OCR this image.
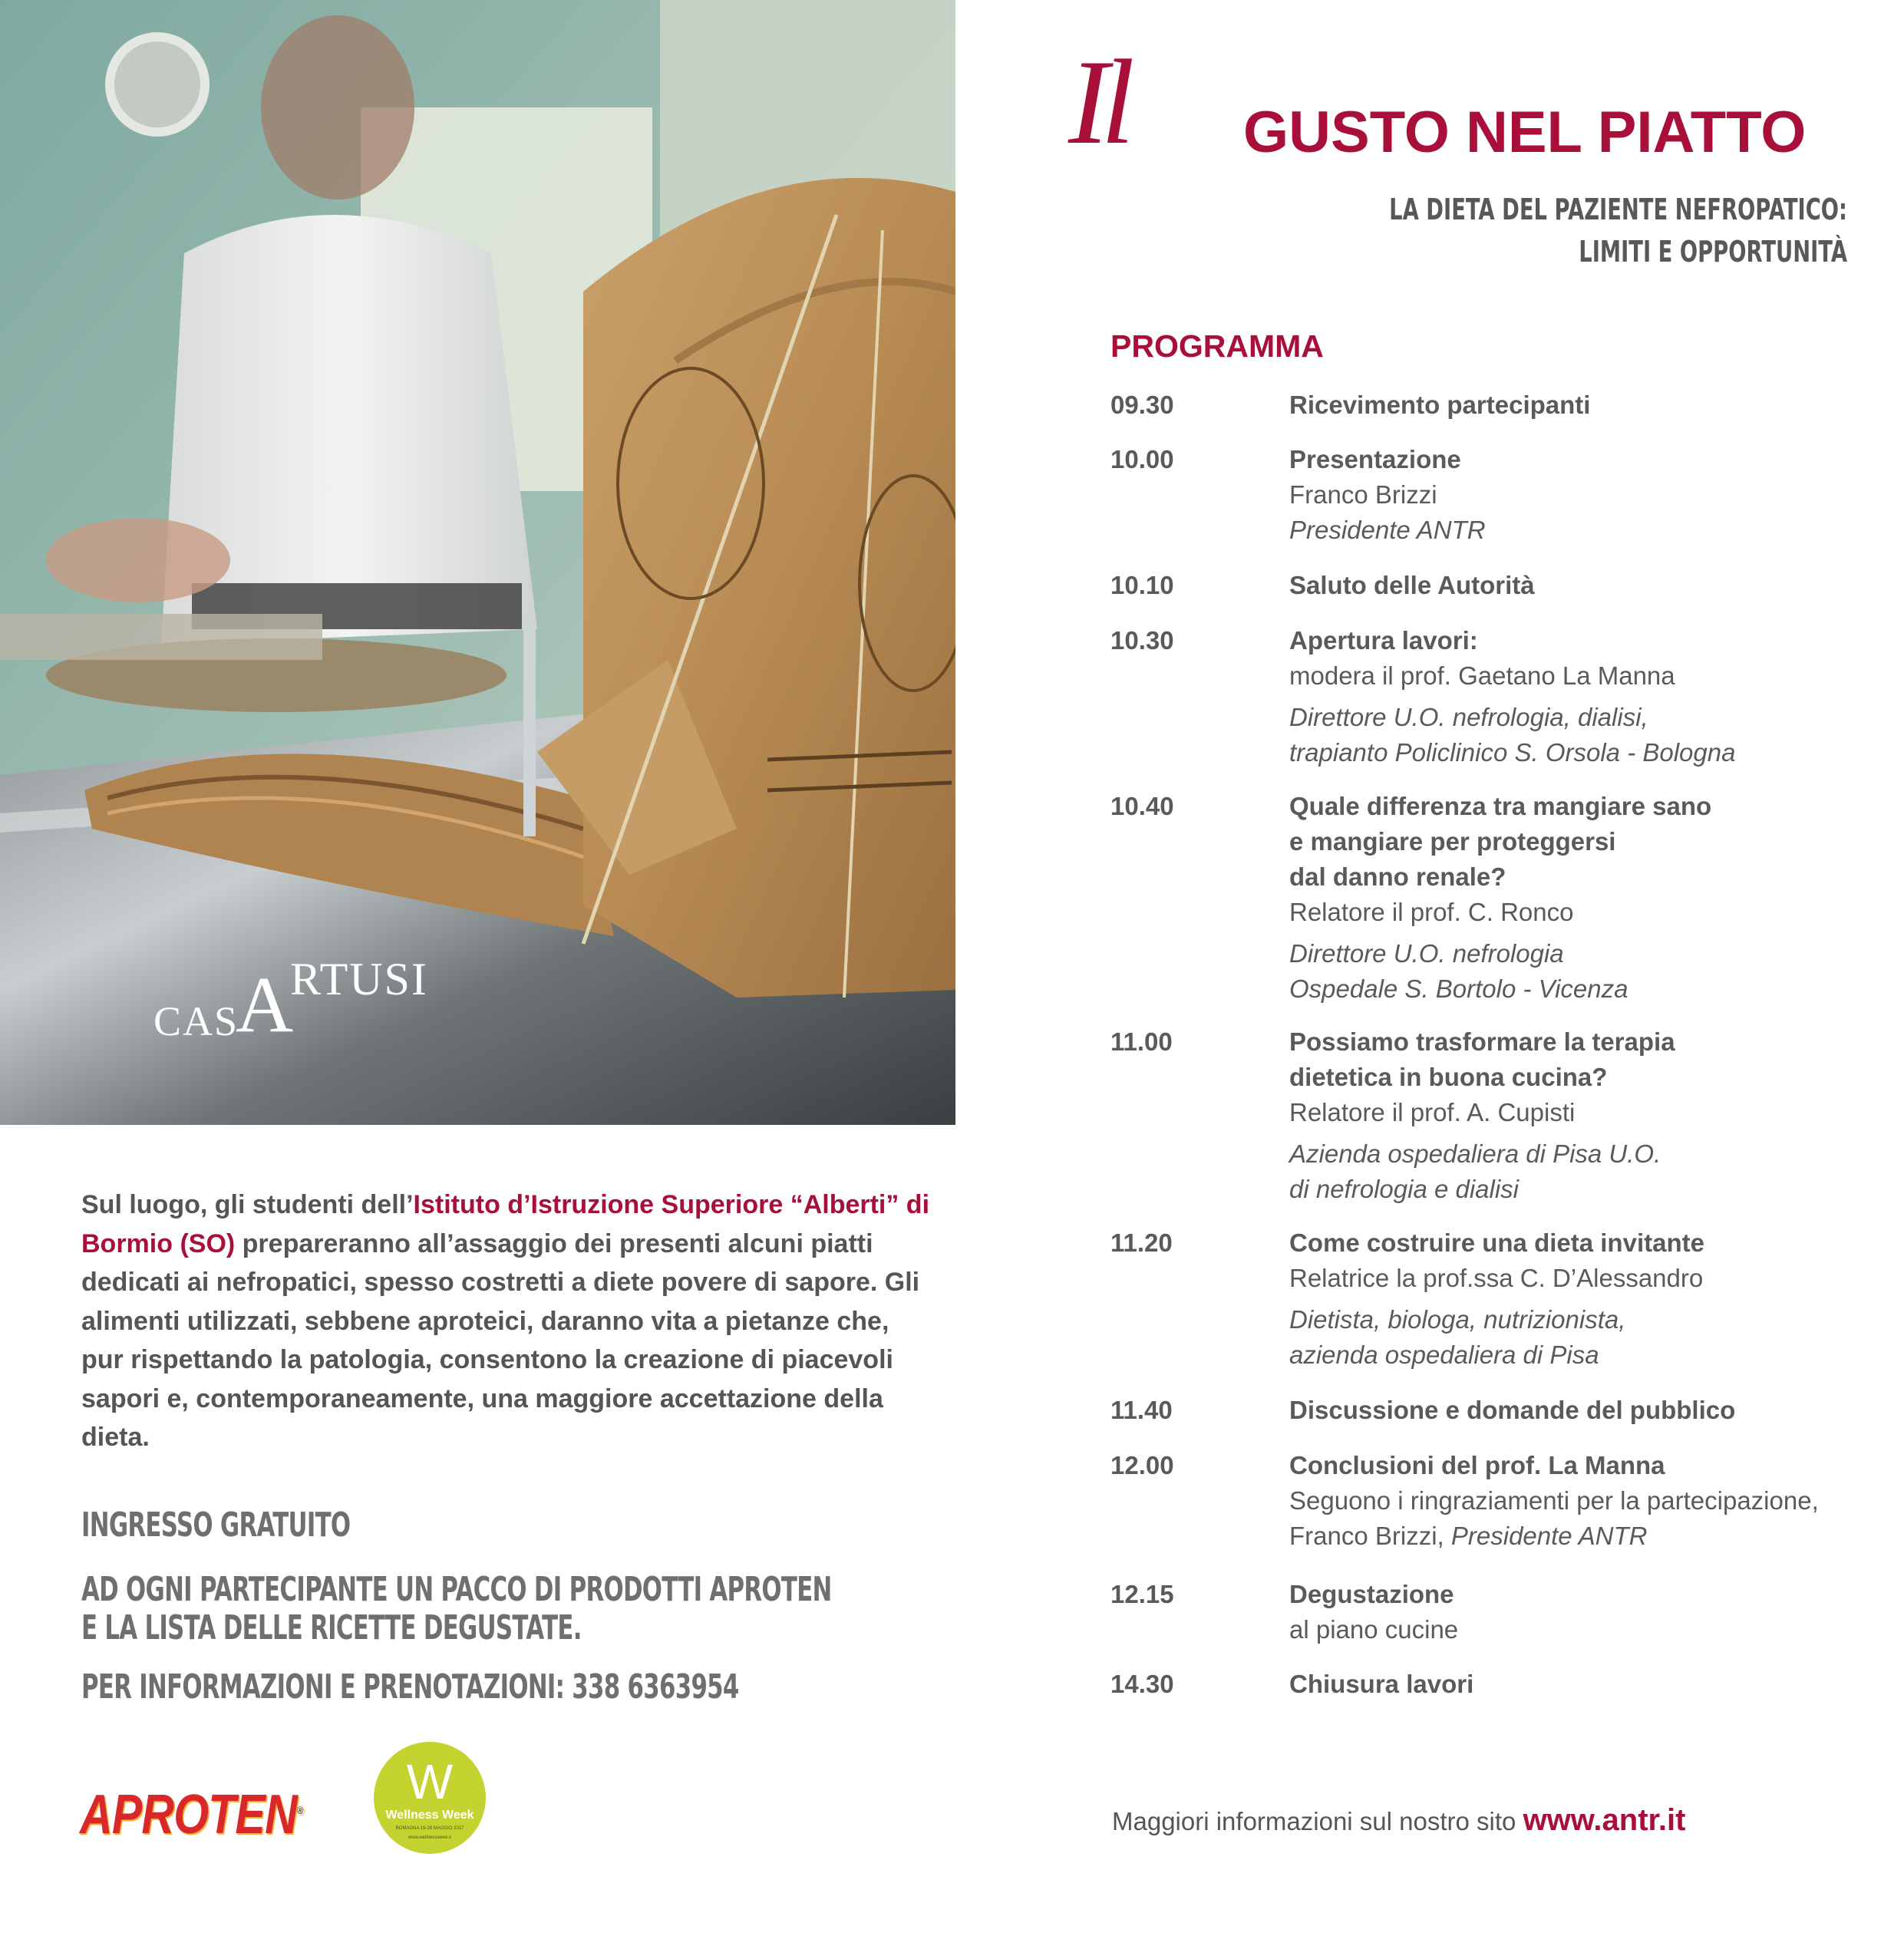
CASARTUSI
Sul luogo, gli studenti dell’Istituto d’Istruzione Superiore “Alberti” di Bormio (SO) prepareranno all’assaggio dei presenti alcuni piatti dedicati ai nefropatici, spesso costretti a diete povere di sapore. Gli alimenti utilizzati, sebbene aproteici, daranno vita a pietanze che, pur rispettando la patologia, consentono la creazione di piacevoli sapori e, contemporaneamente, una maggiore accettazione della dieta.

INGRESSO GRATUITO

AD OGNI PARTECIPANTE UN PACCO DI PRODOTTI APROTEN

E LA LISTA DELLE RICETTE DEGUSTATE.

PER INFORMAZIONI E PRENOTAZIONI: 338 6363954

APROTEN®
W
Wellness Week
ROMAGNA 19-28 MAGGIO 2017
www.wellnessweek.it
Il GUSTO NEL PIATTO

LA DIETA DEL PAZIENTE NEFROPATICO:

LIMITI E OPPORTUNITÀ

PROGRAMMA
09.30	Ricevimento partecipanti
10.00	Presentazione
Franco Brizzi
Presidente ANTR
10.10	Saluto delle Autorità
10.30	Apertura lavori:
modera il prof. Gaetano La Manna
Direttore U.O. nefrologia, dialisi,
trapianto Policlinico S. Orsola - Bologna
10.40	Quale differenza tra mangiare sano
e mangiare per proteggersi
dal danno renale?
Relatore il prof. C. Ronco
Direttore U.O. nefrologia
Ospedale S. Bortolo - Vicenza
11.00	Possiamo trasformare la terapia
dietetica in buona cucina?
Relatore il prof. A. Cupisti
Azienda ospedaliera di Pisa U.O.
di nefrologia e dialisi
11.20	Come costruire una dieta invitante
Relatrice la prof.ssa C. D’Alessandro
Dietista, biologa, nutrizionista,
azienda ospedaliera di Pisa
11.40	Discussione e domande del pubblico
12.00	Conclusioni del prof. La Manna
Seguono i ringraziamenti per la partecipazione,
Franco Brizzi, Presidente ANTR
12.15	Degustazione
al piano cucine
14.30	Chiusura lavori
Maggiori informazioni sul nostro sito www.antr.it
